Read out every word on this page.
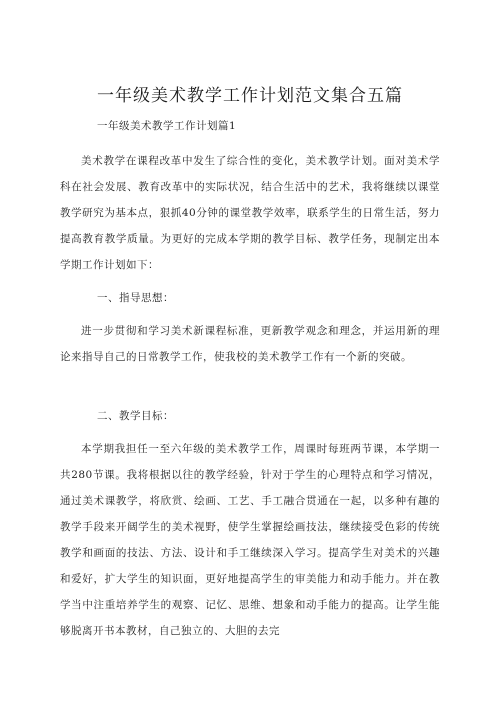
一年级美术教学工作计划范文集合五篇
一年级美术教学工作计划篇1

美术教学在课程改革中发生了综合性的变化，美术教学计划。面对美术学科在社会发展、教育改革中的实际状况，结合生活中的艺术，我将继续以课堂教学研究为基本点，狠抓40分钟的课堂教学效率，联系学生的日常生活，努力提高教育教学质量。为更好的完成本学期的教学目标、教学任务，现制定出本学期工作计划如下：

一、指导思想：

进一步贯彻和学习美术新课程标准，更新教学观念和理念，并运用新的理论来指导自己的日常教学工作，使我校的美术教学工作有一个新的突破。

二、教学目标：

本学期我担任一至六年级的美术教学工作，周课时每班两节课，本学期一共280节课。我将根据以往的教学经验，针对于学生的心理特点和学习情况，通过美术课教学，将欣赏、绘画、工艺、手工融合贯通在一起，以多种有趣的教学手段来开阔学生的美术视野，使学生掌握绘画技法，继续接受色彩的传统教学和画面的技法、方法、设计和手工继续深入学习。提高学生对美术的兴趣和爱好，扩大学生的知识面，更好地提高学生的审美能力和动手能力。并在教学当中注重培养学生的观察、记忆、思维、想象和动手能力的提高。让学生能够脱离开书本教材，自己独立的、大胆的去完
